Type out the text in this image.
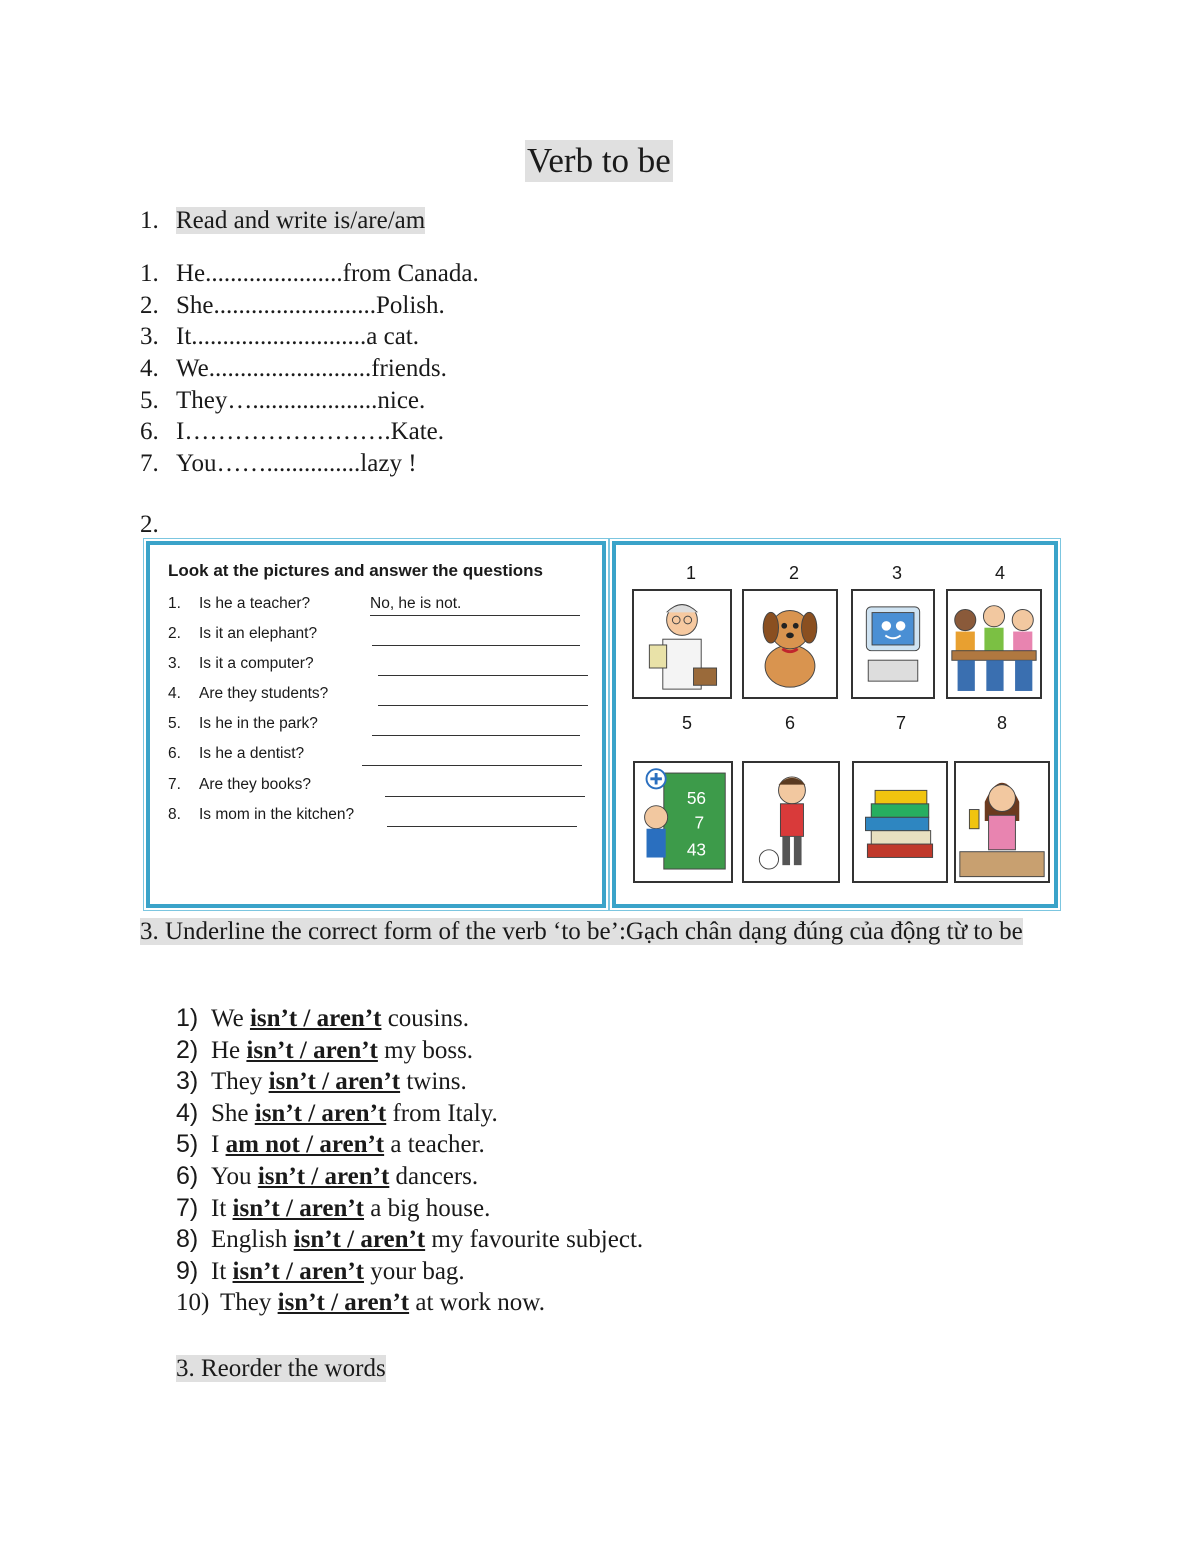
Verb to be
1. Read and write is/are/am
1. He......................from Canada.
2. She..........................Polish.
3. It............................a cat.
4. We..........................friends.
5. They…....................nice.
6. I…………………….Kate.
7. You……...............lazy !
2.
Look at the pictures and answer the questions
1. Is he a teacher?	No, he is not.
2. Is it an elephant?
3. Is it a computer?
4. Are they students?
5. Is he in the park?
6. Is he a dentist?
7. Are they books?
8. Is mom in the kitchen?
1	2	3	4
5	6	7	8
56
7
43
3. Underline the correct form of the verb ‘to be’:Gạch chân dạng đúng của động từ to be
1) We isn’t / aren’t cousins.
2) He isn’t / aren’t my boss.
3) They isn’t / aren’t twins.
4) She isn’t / aren’t from Italy.
5) I am not / aren’t a teacher.
6) You isn’t / aren’t dancers.
7) It isn’t / aren’t a big house.
8) English isn’t / aren’t my favourite subject.
9) It isn’t / aren’t your bag.
10) They isn’t / aren’t at work now.
3. Reorder the words
